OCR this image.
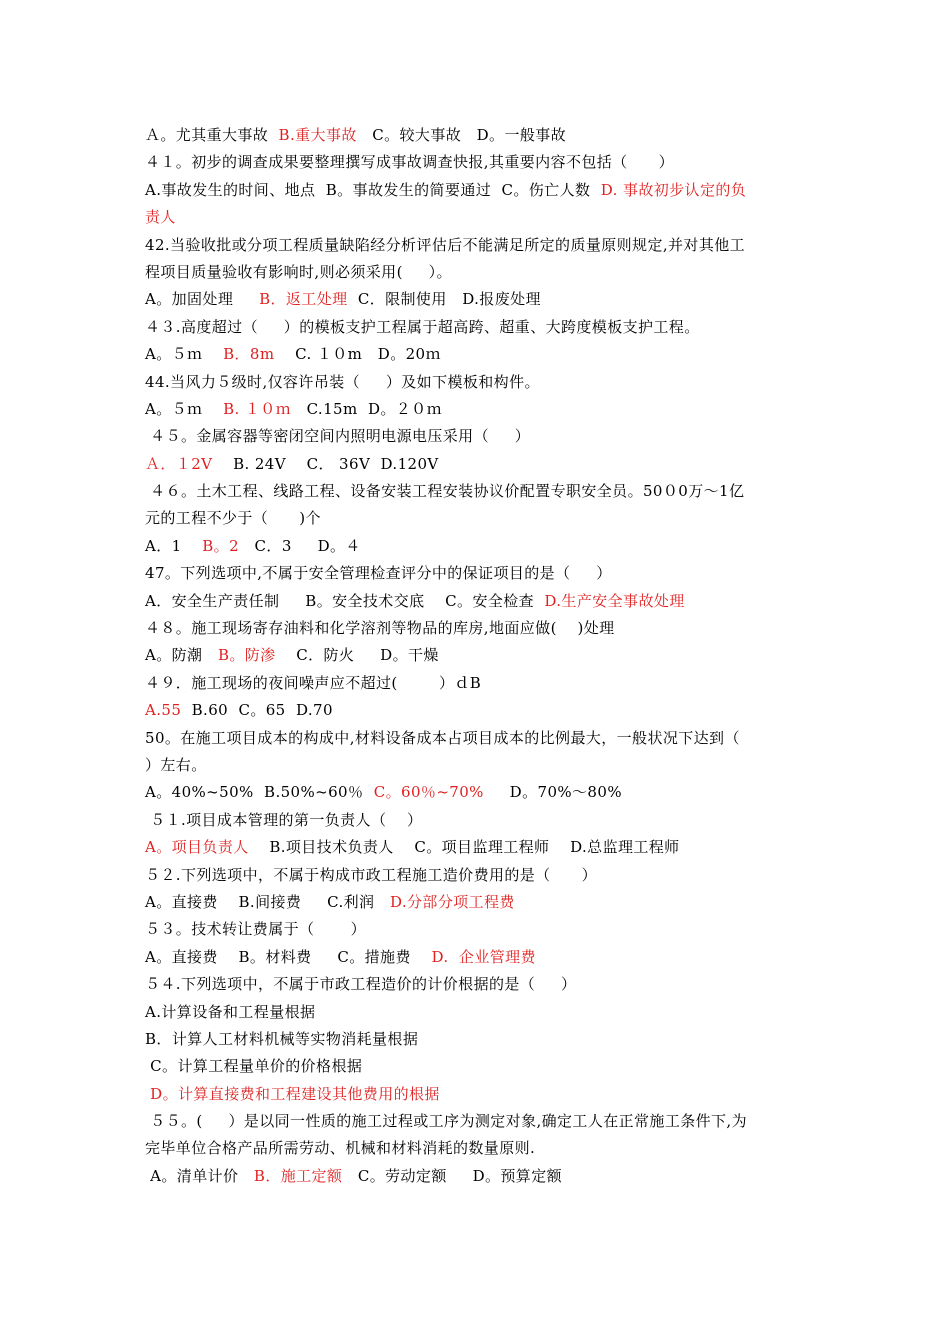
Ａ。尤其重大事故  B.重大事故   C。较大事故   D。一般事故
４１。初步的调查成果要整理撰写成事故调查快报,其重要内容不包括（      ）
A.事故发生的时间、地点  B。事故发生的简要通过  C。伤亡人数  D. 事故初步认定的负
责人
42.当验收批或分项工程质量缺陷经分析评估后不能满足所定的质量原则规定,并对其他工
程项目质量验收有影响时,则必须采用(     ）。
A。加固处理     B．返工处理  C．限制使用   D.报废处理
４３.高度超过（     ）的模板支护工程属于超高跨、超重、大跨度模板支护工程。
A。５ｍ    B．8m    C. １０m   D。20ｍ
44.当风力５级时,仅容许吊装（     ）及如下模板和构件。
A。５ｍ    B. １０ｍ   C.15m  D。２０ｍ
４５。金属容器等密闭空间内照明电源电压采用（     ）
Ａ．１2V    B. 24V    C． 36V  D.120V
４６。土木工程、线路工程、设备安装工程安装协议价配置专职安全员。50０0万～1亿
元的工程不少于（      )个
A．1    B。2   C．3     D。４
47。下列选项中,不属于安全管理检查评分中的保证项目的是（     ）
A．安全生产责任制     B。安全技术交底    C。安全检查  D.生产安全事故处理
４８。施工现场寄存油料和化学溶剂等物品的库房,地面应做(    )处理
A。防潮   B。防渗    C．防火     D。干燥
４９．施工现场的夜间噪声应不超过(        ）ｄB
A.55  B.60  C。65  D.70
50。在施工项目成本的构成中,材料设备成本占项目成本的比例最大，一般状况下达到（
）左右。
A。40%~50%  B.50%~60％  C。60％~70%     D。70%～80%
５１.项目成本管理的第一负责人（    ）
A。项目负责人    B.项目技术负责人    C。项目监理工程师    D.总监理工程师
５２.下列选项中，不属于构成市政工程施工造价费用的是（      ）
A。直接费    B.间接费     C.利润   D.分部分项工程费
５３。技术转让费属于（       ）
A。直接费    B。材料费     C。措施费    D.  企业管理费
５４.下列选项中，不属于市政工程造价的计价根据的是（     ）
A.计算设备和工程量根据
B．计算人工材料机械等实物消耗量根据
C。计算工程量单价的价格根据
D。计算直接费和工程建设其他费用的根据
５５。(     ）是以同一性质的施工过程或工序为测定对象,确定工人在正常施工条件下,为
完毕单位合格产品所需劳动、机械和材料消耗的数量原则.
A。清单计价   B．施工定额   C。劳动定额     D。预算定额
